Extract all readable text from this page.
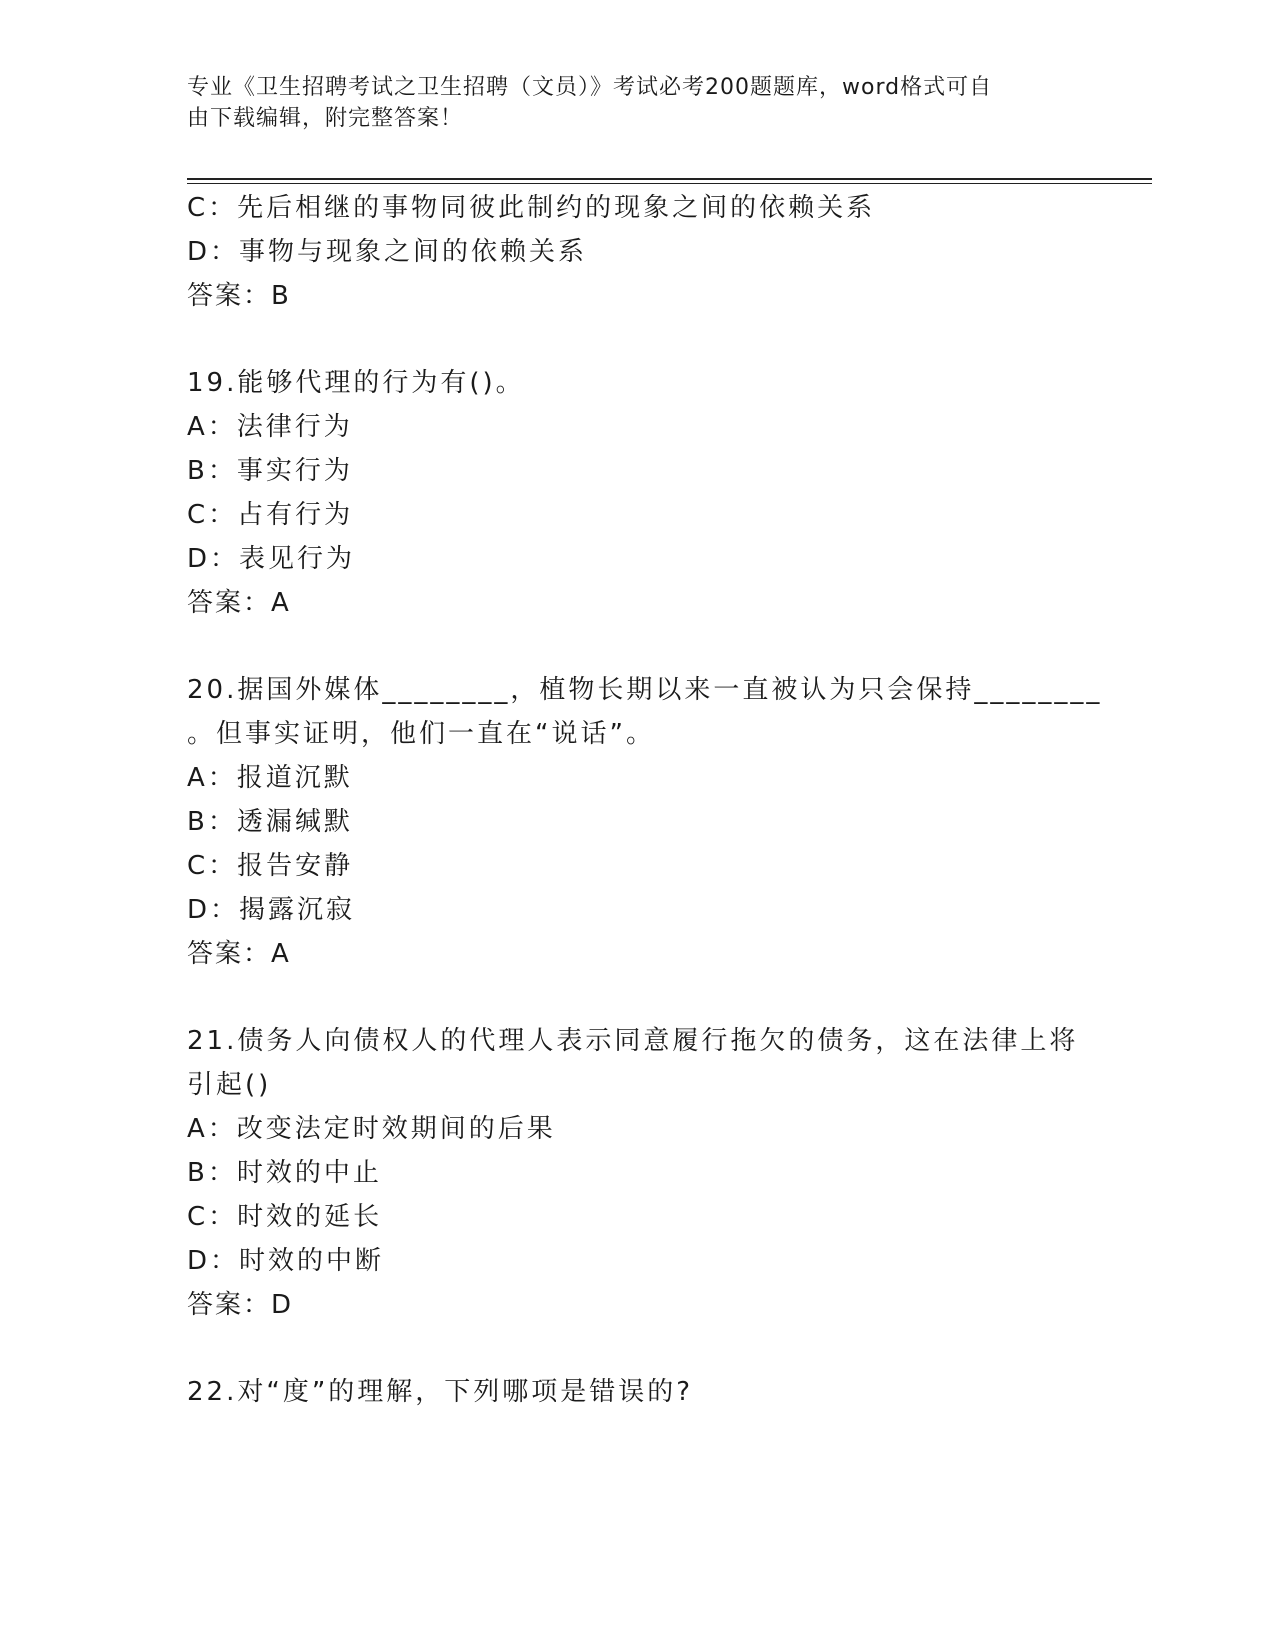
专业《卫生招聘考试之卫生招聘（文员）》考试必考200题题库，word格式可自
由下载编辑，附完整答案！
C：先后相继的事物同彼此制约的现象之间的依赖关系
D：事物与现象之间的依赖关系
答案：B
19.能够代理的行为有()。
A：法律行为
B：事实行为
C：占有行为
D：表见行为
答案：A
20.据国外媒体________，植物长期以来一直被认为只会保持________
。但事实证明，他们一直在“说话”。
A：报道沉默
B：透漏缄默
C：报告安静
D：揭露沉寂
答案：A
21.债务人向债权人的代理人表示同意履行拖欠的债务，这在法律上将
引起()
A：改变法定时效期间的后果
B：时效的中止
C：时效的延长
D：时效的中断
答案：D
22.对“度”的理解，下列哪项是错误的?
